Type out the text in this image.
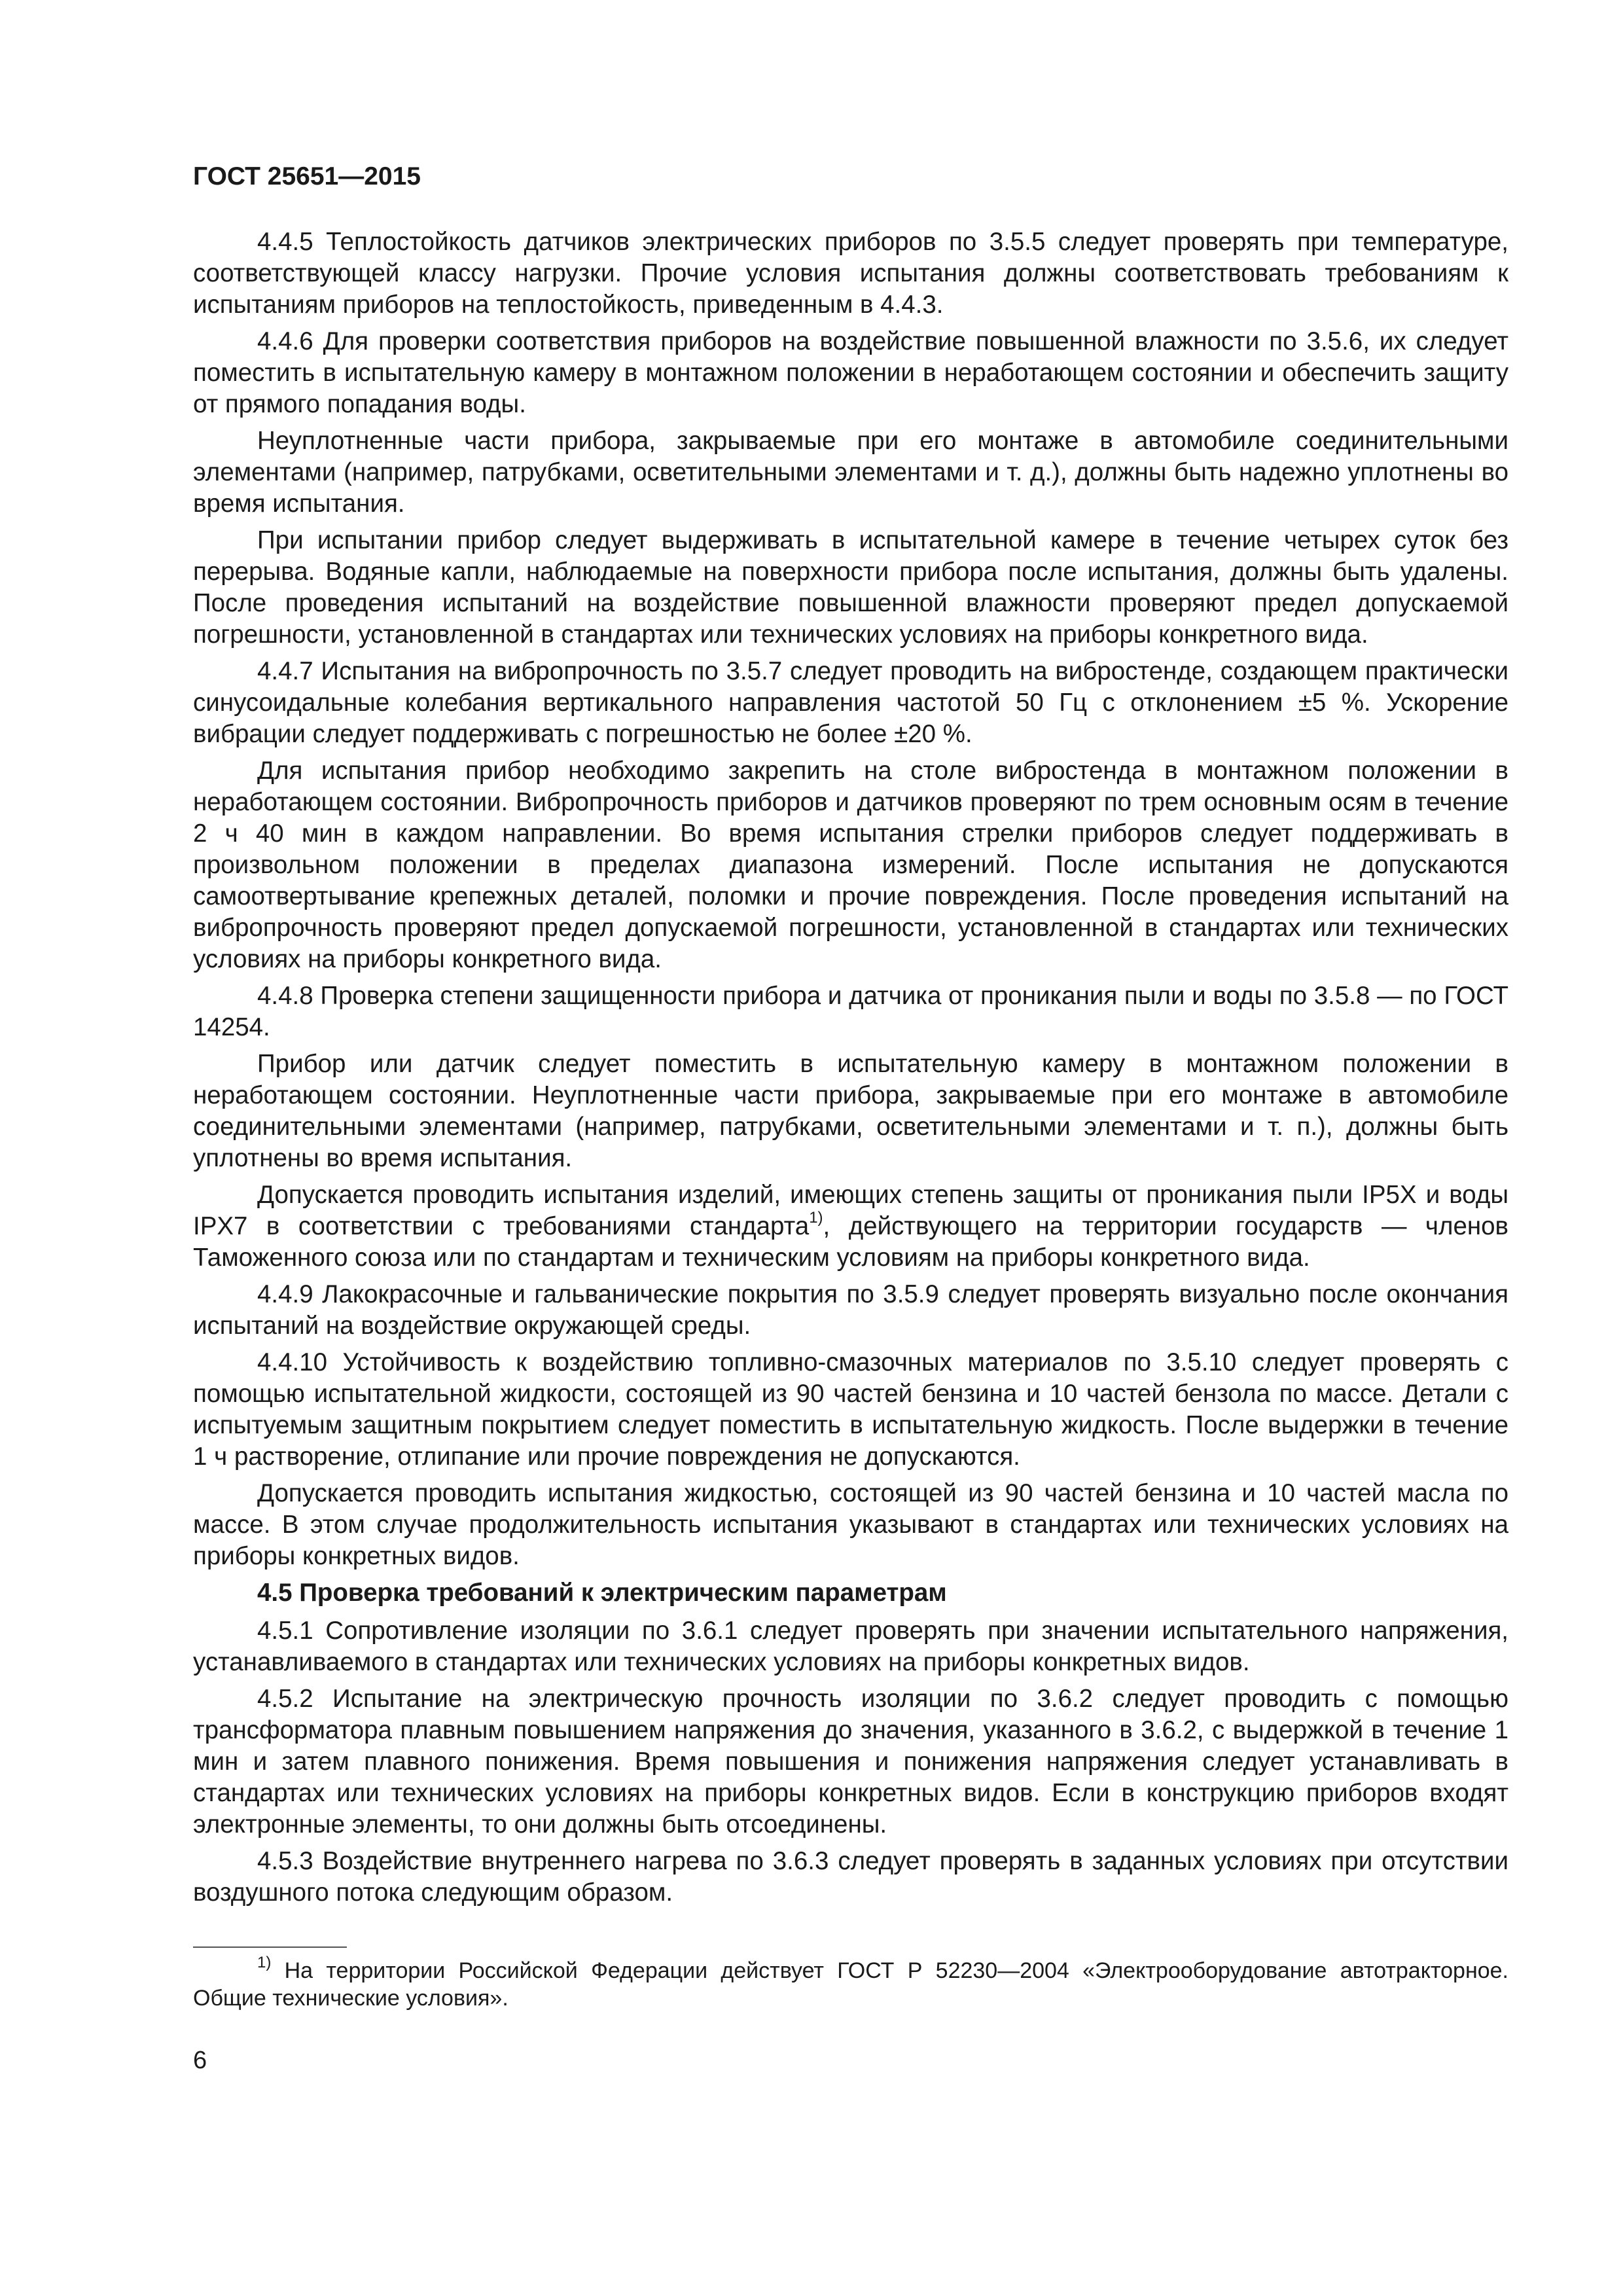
ГОСТ 25651—2015

4.4.5 Теплостойкость датчиков электрических приборов по 3.5.5 следует проверять при температуре, соответствующей классу нагрузки. Прочие условия испытания должны соответствовать требованиям к испытаниям приборов на теплостойкость, приведенным в 4.4.3.

4.4.6 Для проверки соответствия приборов на воздействие повышенной влажности по 3.5.6, их следует поместить в испытательную камеру в монтажном положении в неработающем состоянии и обеспечить защиту от прямого попадания воды.

Неуплотненные части прибора, закрываемые при его монтаже в автомобиле соединительными элементами (например, патрубками, осветительными элементами и т. д.), должны быть надежно уплотнены во время испытания.

При испытании прибор следует выдерживать в испытательной камере в течение четырех суток без перерыва. Водяные капли, наблюдаемые на поверхности прибора после испытания, должны быть удалены. После проведения испытаний на воздействие повышенной влажности проверяют предел допускаемой погрешности, установленной в стандартах или технических условиях на приборы конкретного вида.

4.4.7 Испытания на вибропрочность по 3.5.7 следует проводить на вибростенде, создающем практически синусоидальные колебания вертикального направления частотой 50 Гц с отклонением ±5 %. Ускорение вибрации следует поддерживать с погрешностью не более ±20 %.

Для испытания прибор необходимо закрепить на столе вибростенда в монтажном положении в неработающем состоянии. Вибропрочность приборов и датчиков проверяют по трем основным осям в течение 2 ч 40 мин в каждом направлении. Во время испытания стрелки приборов следует поддерживать в произвольном положении в пределах диапазона измерений. После испытания не допускаются самоотвертывание крепежных деталей, поломки и прочие повреждения. После проведения испытаний на вибропрочность проверяют предел допускаемой погрешности, установленной в стандартах или технических условиях на приборы конкретного вида.

4.4.8 Проверка степени защищенности прибора и датчика от проникания пыли и воды по 3.5.8 — по ГОСТ 14254.

Прибор или датчик следует поместить в испытательную камеру в монтажном положении в неработающем состоянии. Неуплотненные части прибора, закрываемые при его монтаже в автомобиле соединительными элементами (например, патрубками, осветительными элементами и т. п.), должны быть уплотнены во время испытания.

Допускается проводить испытания изделий, имеющих степень защиты от проникания пыли IP5X и воды IPX7 в соответствии с требованиями стандарта$^{1)}$, действующего на территории государств — членов Таможенного союза или по стандартам и техническим условиям на приборы конкретного вида.

4.4.9 Лакокрасочные и гальванические покрытия по 3.5.9 следует проверять визуально после окончания испытаний на воздействие окружающей среды.

4.4.10 Устойчивость к воздействию топливно-смазочных материалов по 3.5.10 следует проверять с помощью испытательной жидкости, состоящей из 90 частей бензина и 10 частей бензола по массе. Детали с испытуемым защитным покрытием следует поместить в испытательную жидкость. После выдержки в течение 1 ч растворение, отлипание или прочие повреждения не допускаются.

Допускается проводить испытания жидкостью, состоящей из 90 частей бензина и 10 частей масла по массе. В этом случае продолжительность испытания указывают в стандартах или технических условиях на приборы конкретных видов.

4.5 Проверка требований к электрическим параметрам

4.5.1 Сопротивление изоляции по 3.6.1 следует проверять при значении испытательного напряжения, устанавливаемого в стандартах или технических условиях на приборы конкретных видов.

4.5.2 Испытание на электрическую прочность изоляции по 3.6.2 следует проводить с помощью трансформатора плавным повышением напряжения до значения, указанного в 3.6.2, с выдержкой в течение 1 мин и затем плавного понижения. Время повышения и понижения напряжения следует устанавливать в стандартах или технических условиях на приборы конкретных видов. Если в конструкцию приборов входят электронные элементы, то они должны быть отсоединены.

4.5.3 Воздействие внутреннего нагрева по 3.6.3 следует проверять в заданных условиях при отсутствии воздушного потока следующим образом.

$^{1)}$ На территории Российской Федерации действует ГОСТ Р 52230—2004 «Электрооборудование автотракторное. Общие технические условия».
6
